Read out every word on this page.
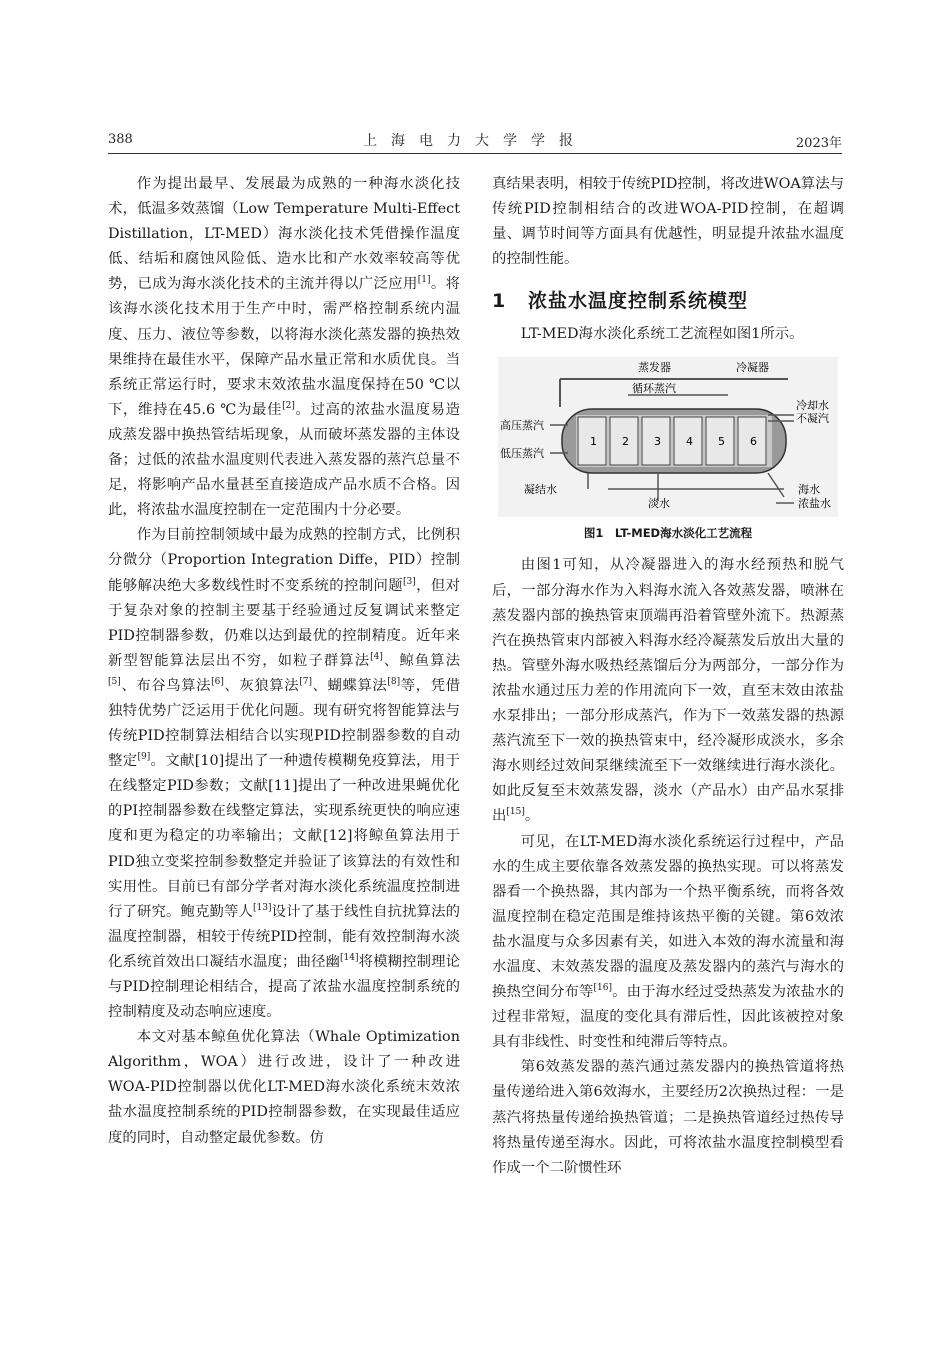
388	上海电力大学学报	2023年

作为提出最早、发展最为成熟的一种海水淡化技术，低温多效蒸馏（Low Temperature Multi-Effect Distillation，LT-MED）海水淡化技术凭借操作温度低、结垢和腐蚀风险低、造水比和产水效率较高等优势，已成为海水淡化技术的主流并得以广泛应用[1]。将该海水淡化技术用于生产中时，需严格控制系统内温度、压力、液位等参数，以将海水淡化蒸发器的换热效果维持在最佳水平，保障产品水量正常和水质优良。当系统正常运行时，要求末效浓盐水温度保持在50 ℃以下，维持在45.6 ℃为最佳[2]。过高的浓盐水温度易造成蒸发器中换热管结垢现象，从而破坏蒸发器的主体设备；过低的浓盐水温度则代表进入蒸发器的蒸汽总量不足，将影响产品水量甚至直接造成产品水质不合格。因此，将浓盐水温度控制在一定范围内十分必要。

作为目前控制领域中最为成熟的控制方式，比例积分微分（Proportion Integration Diffe，PID）控制能够解决绝大多数线性时不变系统的控制问题[3]，但对于复杂对象的控制主要基于经验通过反复调试来整定PID控制器参数，仍难以达到最优的控制精度。近年来新型智能算法层出不穷，如粒子群算法[4]、鲸鱼算法[5]、布谷鸟算法[6]、灰狼算法[7]、蝴蝶算法[8]等，凭借独特优势广泛运用于优化问题。现有研究将智能算法与传统PID控制算法相结合以实现PID控制器参数的自动整定[9]。文献[10]提出了一种遗传模糊免疫算法，用于在线整定PID参数；文献[11]提出了一种改进果蝇优化的PI控制器参数在线整定算法，实现系统更快的响应速度和更为稳定的功率输出；文献[12]将鲸鱼算法用于PID独立变桨控制参数整定并验证了该算法的有效性和实用性。目前已有部分学者对海水淡化系统温度控制进行了研究。鲍克勤等人[13]设计了基于线性自抗扰算法的温度控制器，相较于传统PID控制，能有效控制海水淡化系统首效出口凝结水温度；曲径幽[14]将模糊控制理论与PID控制理论相结合，提高了浓盐水温度控制系统的控制精度及动态响应速度。

本文对基本鲸鱼优化算法（Whale Optimization Algorithm，WOA）进行改进，设计了一种改进WOA-PID控制器以优化LT-MED海水淡化系统末效浓盐水温度控制系统的PID控制器参数，在实现最佳适应度的同时，自动整定最优参数。仿

真结果表明，相较于传统PID控制，将改进WOA算法与传统PID控制相结合的改进WOA-PID控制，在超调量、调节时间等方面具有优越性，明显提升浓盐水温度的控制性能。

1 浓盐水温度控制系统模型

LT-MED海水淡化系统工艺流程如图1所示。

蒸发器	冷凝器
循环蒸汽
1 2 3 4 5 6
冷却水
不凝汽
高压蒸汽
低压蒸汽
凝结水
淡水
海水
浓盐水
图1　LT-MED海水淡化工艺流程

由图1可知，从冷凝器进入的海水经预热和脱气后，一部分海水作为入料海水流入各效蒸发器，喷淋在蒸发器内部的换热管束顶端再沿着管壁外流下。热源蒸汽在换热管束内部被入料海水经冷凝蒸发后放出大量的热。管壁外海水吸热经蒸馏后分为两部分，一部分作为浓盐水通过压力差的作用流向下一效，直至末效由浓盐水泵排出；一部分形成蒸汽，作为下一效蒸发器的热源蒸汽流至下一效的换热管束中，经冷凝形成淡水，多余海水则经过效间泵继续流至下一效继续进行海水淡化。如此反复至末效蒸发器，淡水（产品水）由产品水泵排出[15]。

可见，在LT-MED海水淡化系统运行过程中，产品水的生成主要依靠各效蒸发器的换热实现。可以将蒸发器看一个换热器，其内部为一个热平衡系统，而将各效温度控制在稳定范围是维持该热平衡的关键。第6效浓盐水温度与众多因素有关，如进入本效的海水流量和海水温度、末效蒸发器的温度及蒸发器内的蒸汽与海水的换热空间分布等[16]。由于海水经过受热蒸发为浓盐水的过程非常短，温度的变化具有滞后性，因此该被控对象具有非线性、时变性和纯滞后等特点。

第6效蒸发器的蒸汽通过蒸发器内的换热管道将热量传递给进入第6效海水，主要经历2次换热过程：一是蒸汽将热量传递给换热管道；二是换热管道经过热传导将热量传递至海水。因此，可将浓盐水温度控制模型看作成一个二阶惯性环
